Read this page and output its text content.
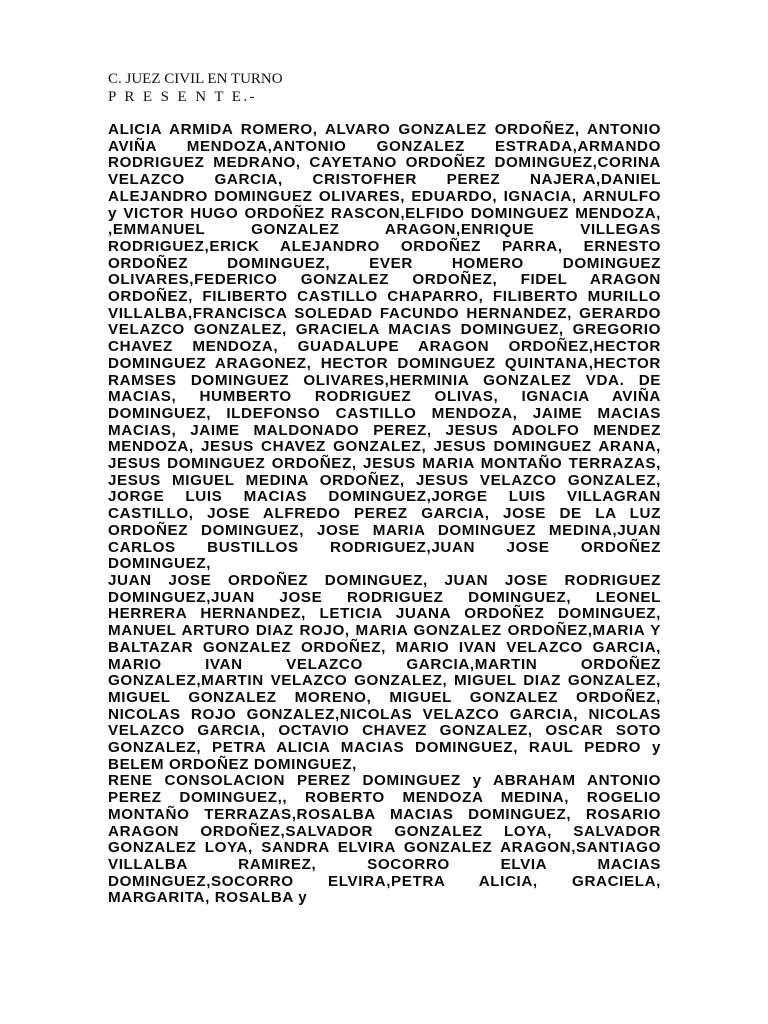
C. JUEZ CIVIL EN TURNO
P R E S E N T E.-

ALICIA ARMIDA ROMERO, ALVARO GONZALEZ ORDOÑEZ, ANTONIO AVIÑA MENDOZA,ANTONIO GONZALEZ ESTRADA,ARMANDO RODRIGUEZ MEDRANO, CAYETANO ORDOÑEZ DOMINGUEZ,CORINA VELAZCO GARCIA, CRISTOFHER PEREZ NAJERA,DANIEL ALEJANDRO DOMINGUEZ OLIVARES, EDUARDO, IGNACIA, ARNULFO y VICTOR HUGO ORDOÑEZ RASCON,ELFIDO DOMINGUEZ MENDOZA, ,EMMANUEL GONZALEZ ARAGON,ENRIQUE VILLEGAS RODRIGUEZ,ERICK ALEJANDRO ORDOÑEZ PARRA, ERNESTO ORDOÑEZ DOMINGUEZ, EVER HOMERO DOMINGUEZ OLIVARES,FEDERICO GONZALEZ ORDOÑEZ, FIDEL ARAGON ORDOÑEZ, FILIBERTO CASTILLO CHAPARRO, FILIBERTO MURILLO VILLALBA,FRANCISCA SOLEDAD FACUNDO HERNANDEZ, GERARDO VELAZCO GONZALEZ, GRACIELA MACIAS DOMINGUEZ, GREGORIO CHAVEZ MENDOZA, GUADALUPE ARAGON ORDOÑEZ,HECTOR DOMINGUEZ ARAGONEZ, HECTOR DOMINGUEZ QUINTANA,HECTOR RAMSES DOMINGUEZ OLIVARES,HERMINIA GONZALEZ VDA. DE MACIAS, HUMBERTO RODRIGUEZ OLIVAS, IGNACIA AVIÑA DOMINGUEZ, ILDEFONSO CASTILLO MENDOZA, JAIME MACIAS MACIAS, JAIME MALDONADO PEREZ, JESUS ADOLFO MENDEZ MENDOZA, JESUS CHAVEZ GONZALEZ, JESUS DOMINGUEZ ARANA, JESUS DOMINGUEZ ORDOÑEZ, JESUS MARIA MONTAÑO TERRAZAS, JESUS MIGUEL MEDINA ORDOÑEZ, JESUS VELAZCO GONZALEZ, JORGE LUIS MACIAS DOMINGUEZ,JORGE LUIS VILLAGRAN CASTILLO, JOSE ALFREDO PEREZ GARCIA, JOSE DE LA LUZ ORDOÑEZ DOMINGUEZ, JOSE MARIA DOMINGUEZ MEDINA,JUAN CARLOS BUSTILLOS RODRIGUEZ,JUAN JOSE ORDOÑEZ DOMINGUEZ,

JUAN JOSE ORDOÑEZ DOMINGUEZ, JUAN JOSE RODRIGUEZ DOMINGUEZ,JUAN JOSE RODRIGUEZ DOMINGUEZ, LEONEL HERRERA HERNANDEZ, LETICIA JUANA ORDOÑEZ DOMINGUEZ, MANUEL ARTURO DIAZ ROJO, MARIA GONZALEZ ORDOÑEZ,MARIA Y BALTAZAR GONZALEZ ORDOÑEZ, MARIO IVAN VELAZCO GARCIA, MARIO IVAN VELAZCO GARCIA,MARTIN ORDOÑEZ GONZALEZ,MARTIN VELAZCO GONZALEZ, MIGUEL DIAZ GONZALEZ, MIGUEL GONZALEZ MORENO, MIGUEL GONZALEZ ORDOÑEZ, NICOLAS ROJO GONZALEZ,NICOLAS VELAZCO GARCIA, NICOLAS VELAZCO GARCIA, OCTAVIO CHAVEZ GONZALEZ, OSCAR SOTO GONZALEZ, PETRA ALICIA MACIAS DOMINGUEZ, RAUL PEDRO y BELEM ORDOÑEZ DOMINGUEZ,

RENE CONSOLACION PEREZ DOMINGUEZ y ABRAHAM ANTONIO PEREZ DOMINGUEZ,, ROBERTO MENDOZA MEDINA, ROGELIO MONTAÑO TERRAZAS,ROSALBA MACIAS DOMINGUEZ, ROSARIO ARAGON ORDOÑEZ,SALVADOR GONZALEZ LOYA, SALVADOR GONZALEZ LOYA, SANDRA ELVIRA GONZALEZ ARAGON,SANTIAGO VILLALBA RAMIREZ, SOCORRO ELVIA MACIAS DOMINGUEZ,SOCORRO ELVIRA,PETRA ALICIA, GRACIELA, MARGARITA, ROSALBA y
